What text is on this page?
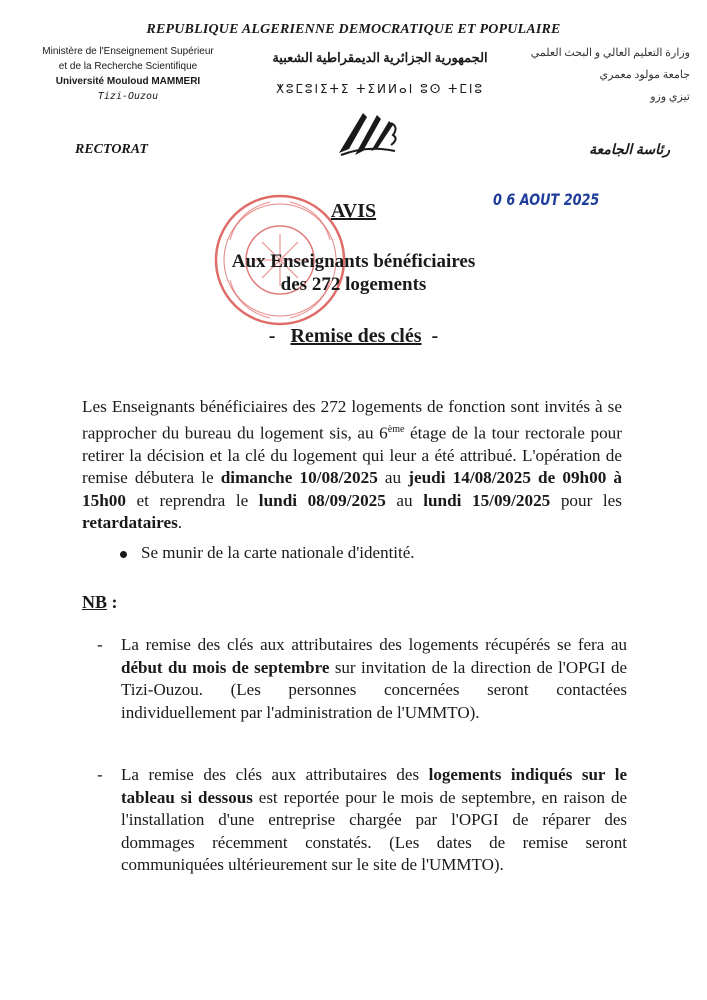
REPUBLIQUE ALGERIENNE DEMOCRATIQUE ET POPULAIRE
Ministère de l'Enseignement Supérieur
et de la Recherche Scientifique
Université Mouloud MAMMERI
Tizi-Ouzou
الجمهورية الجزائرية الديمقراطية الشعبية
ⵅⵓⵎⵓⵏⵉⵜⵉ ⵜⵉⵍⵍⴰⵏ ⵓⵙ ⵜⵎⵏⵓ
وزارة التعليم العالي و البحث العلمي
جامعة مولود معمري
تيزي وزو
RECTORAT	رئاسة الجامعة
0 6 AOUT 2025
AVIS
Aux Enseignants bénéficiaires
des 272 logements
- Remise des clés -
Les Enseignants bénéficiaires des 272 logements de fonction sont invités à se rapprocher du bureau du logement sis, au 6ème étage de la tour rectorale pour retirer la décision et la clé du logement qui leur a été attribué. L'opération de remise débutera le dimanche 10/08/2025 au jeudi 14/08/2025 de 09h00 à 15h00 et reprendra le lundi 08/09/2025 au lundi 15/09/2025 pour les retardataires.
Se munir de la carte nationale d'identité.
NB :
- La remise des clés aux attributaires des logements récupérés se fera au début du mois de septembre sur invitation de la direction de l'OPGI de Tizi-Ouzou. (Les personnes concernées seront contactées individuellement par l'administration de l'UMMTO).
- La remise des clés aux attributaires des logements indiqués sur le tableau si dessous est reportée pour le mois de septembre, en raison de l'installation d'une entreprise chargée par l'OPGI de réparer des dommages récemment constatés. (Les dates de remise seront communiquées ultérieurement sur le site de l'UMMTO).
